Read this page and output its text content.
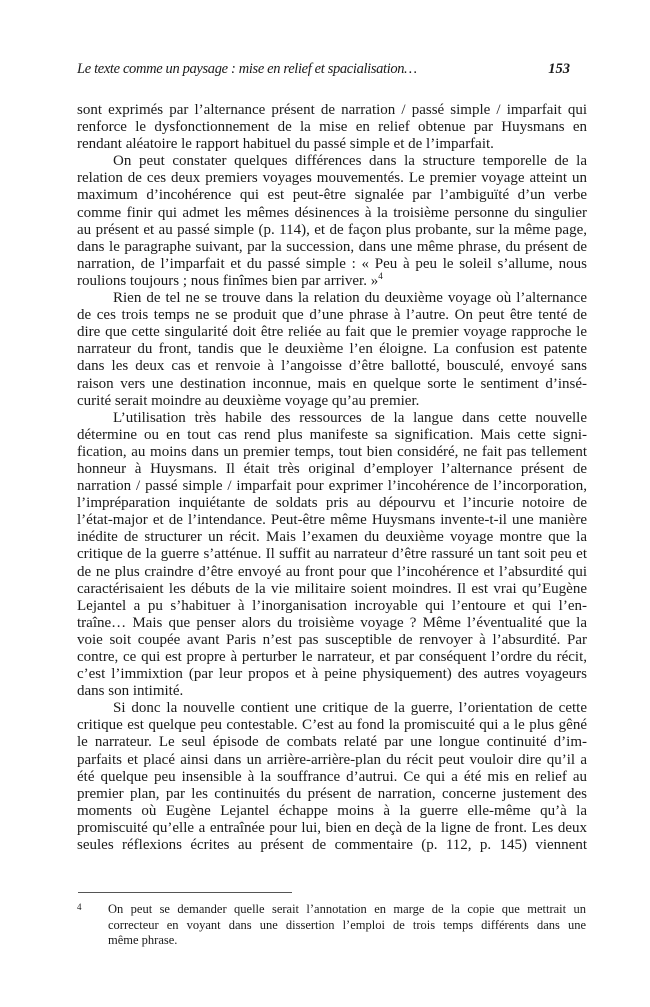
Le texte comme un paysage : mise en relief et spacialisation…	153
sont exprimés par l’alternance présent de narration / passé simple / imparfait qui
renforce le dysfonctionnement de la mise en relief obtenue par Huysmans en
rendant aléatoire le rapport habituel du passé simple et de l’imparfait.
On peut constater quelques différences dans la structure temporelle de la
relation de ces deux premiers voyages mouvementés. Le premier voyage atteint un
maximum d’incohérence qui est peut-être signalée par l’ambiguïté d’un verbe
comme finir qui admet les mêmes désinences à la troisième personne du singulier
au présent et au passé simple (p. 114), et de façon plus probante, sur la même page,
dans le paragraphe suivant, par la succession, dans une même phrase, du présent de
narration, de l’imparfait et du passé simple : « Peu à peu le soleil s’allume, nous
roulions toujours ; nous finîmes bien par arriver. »$^4$
Rien de tel ne se trouve dans la relation du deuxième voyage où l’alternance
de ces trois temps ne se produit que d’une phrase à l’autre. On peut être tenté de
dire que cette singularité doit être reliée au fait que le premier voyage rapproche le
narrateur du front, tandis que le deuxième l’en éloigne. La confusion est patente
dans les deux cas et renvoie à l’angoisse d’être ballotté, bousculé, envoyé sans
raison vers une destination inconnue, mais en quelque sorte le sentiment d’insé-
curité serait moindre au deuxième voyage qu’au premier.
L’utilisation très habile des ressources de la langue dans cette nouvelle
détermine ou en tout cas rend plus manifeste sa signification. Mais cette signi-
fication, au moins dans un premier temps, tout bien considéré, ne fait pas tellement
honneur à Huysmans. Il était très original d’employer l’alternance présent de
narration / passé simple / imparfait pour exprimer l’incohérence de l’incorporation,
l’impréparation inquiétante de soldats pris au dépourvu et l’incurie notoire de
l’état-major et de l’intendance. Peut-être même Huysmans invente-t-il une manière
inédite de structurer un récit. Mais l’examen du deuxième voyage montre que la
critique de la guerre s’atténue. Il suffit au narrateur d’être rassuré un tant soit peu et
de ne plus craindre d’être envoyé au front pour que l’incohérence et l’absurdité qui
caractérisaient les débuts de la vie militaire soient moindres. Il est vrai qu’Eugène
Lejantel a pu s’habituer à l’inorganisation incroyable qui l’entoure et qui l’en-
traîne… Mais que penser alors du troisième voyage ? Même l’éventualité que la
voie soit coupée avant Paris n’est pas susceptible de renvoyer à l’absurdité. Par
contre, ce qui est propre à perturber le narrateur, et par conséquent l’ordre du récit,
c’est l’immixtion (par leur propos et à peine physiquement) des autres voyageurs
dans son intimité.
Si donc la nouvelle contient une critique de la guerre, l’orientation de cette
critique est quelque peu contestable. C’est au fond la promiscuité qui a le plus gêné
le narrateur. Le seul épisode de combats relaté par une longue continuité d’im-
parfaits et placé ainsi dans un arrière-arrière-plan du récit peut vouloir dire qu’il a
été quelque peu insensible à la souffrance d’autrui. Ce qui a été mis en relief au
premier plan, par les continuités du présent de narration, concerne justement des
moments où Eugène Lejantel échappe moins à la guerre elle-même qu’à la
promiscuité qu’elle a entraînée pour lui, bien en deçà de la ligne de front. Les deux
seules réflexions écrites au présent de commentaire (p. 112, p. 145) viennent
4 On peut se demander quelle serait l’annotation en marge de la copie que mettrait un
correcteur en voyant dans une dissertion l’emploi de trois temps différents dans une
même phrase.
